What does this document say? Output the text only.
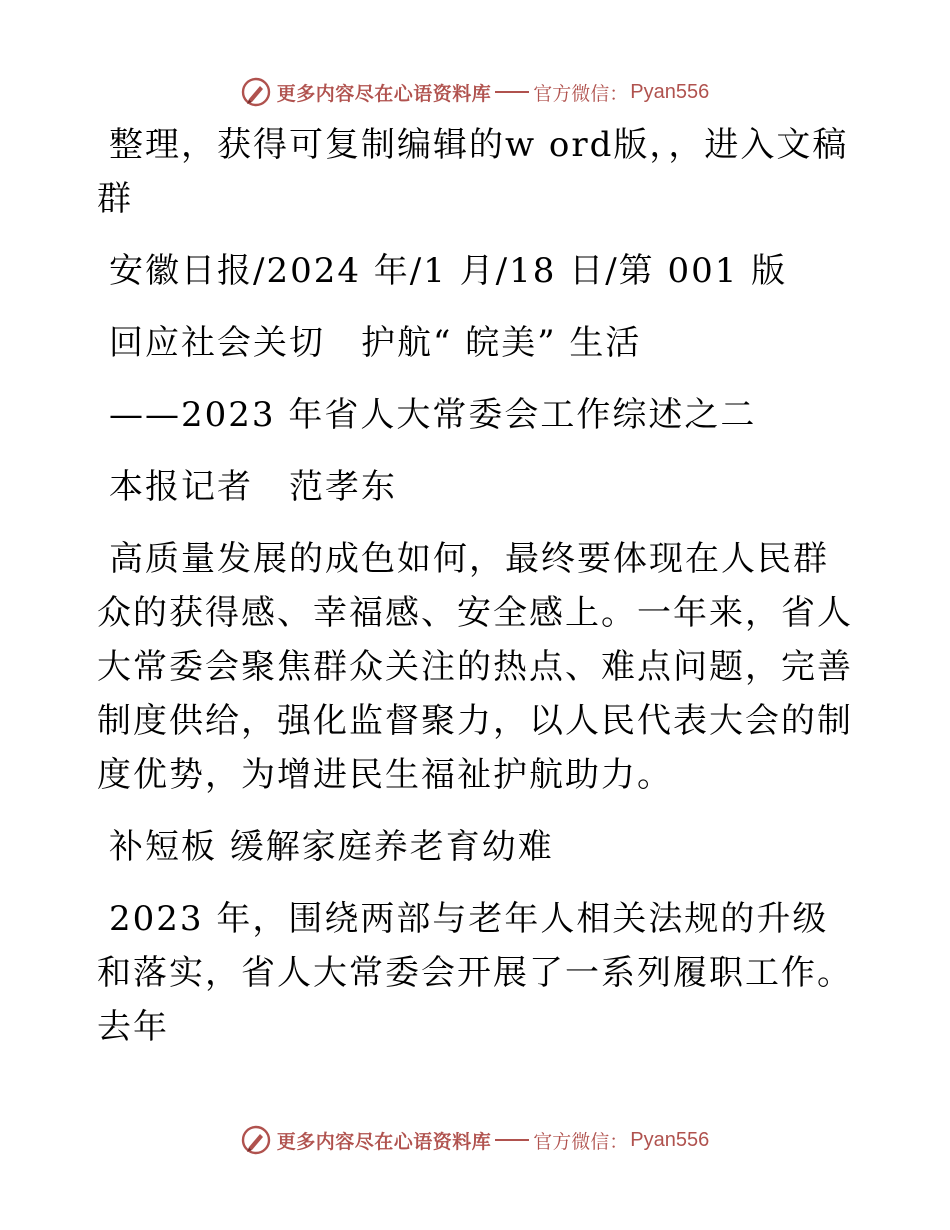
更多内容尽在心语资料库 官方微信： Pyan556

整理，获得可复制编辑的w ord版，，进入文稿群

安徽日报/2024 年/1 月/18 日/第 001 版

回应社会关切　护航“ 皖美” 生活

——2023 年省人大常委会工作综述之二

本报记者　范孝东

高质量发展的成色如何，最终要体现在人民群众的获得感、幸福感、安全感上。一年来，省人大常委会聚焦群众关注的热点、难点问题，完善制度供给，强化监督聚力，以人民代表大会的制度优势，为增进民生福祉护航助力。

补短板 缓解家庭养老育幼难

2023 年，围绕两部与老年人相关法规的升级和落实，省人大常委会开展了一系列履职工作。去年

更多内容尽在心语资料库 官方微信： Pyan556
